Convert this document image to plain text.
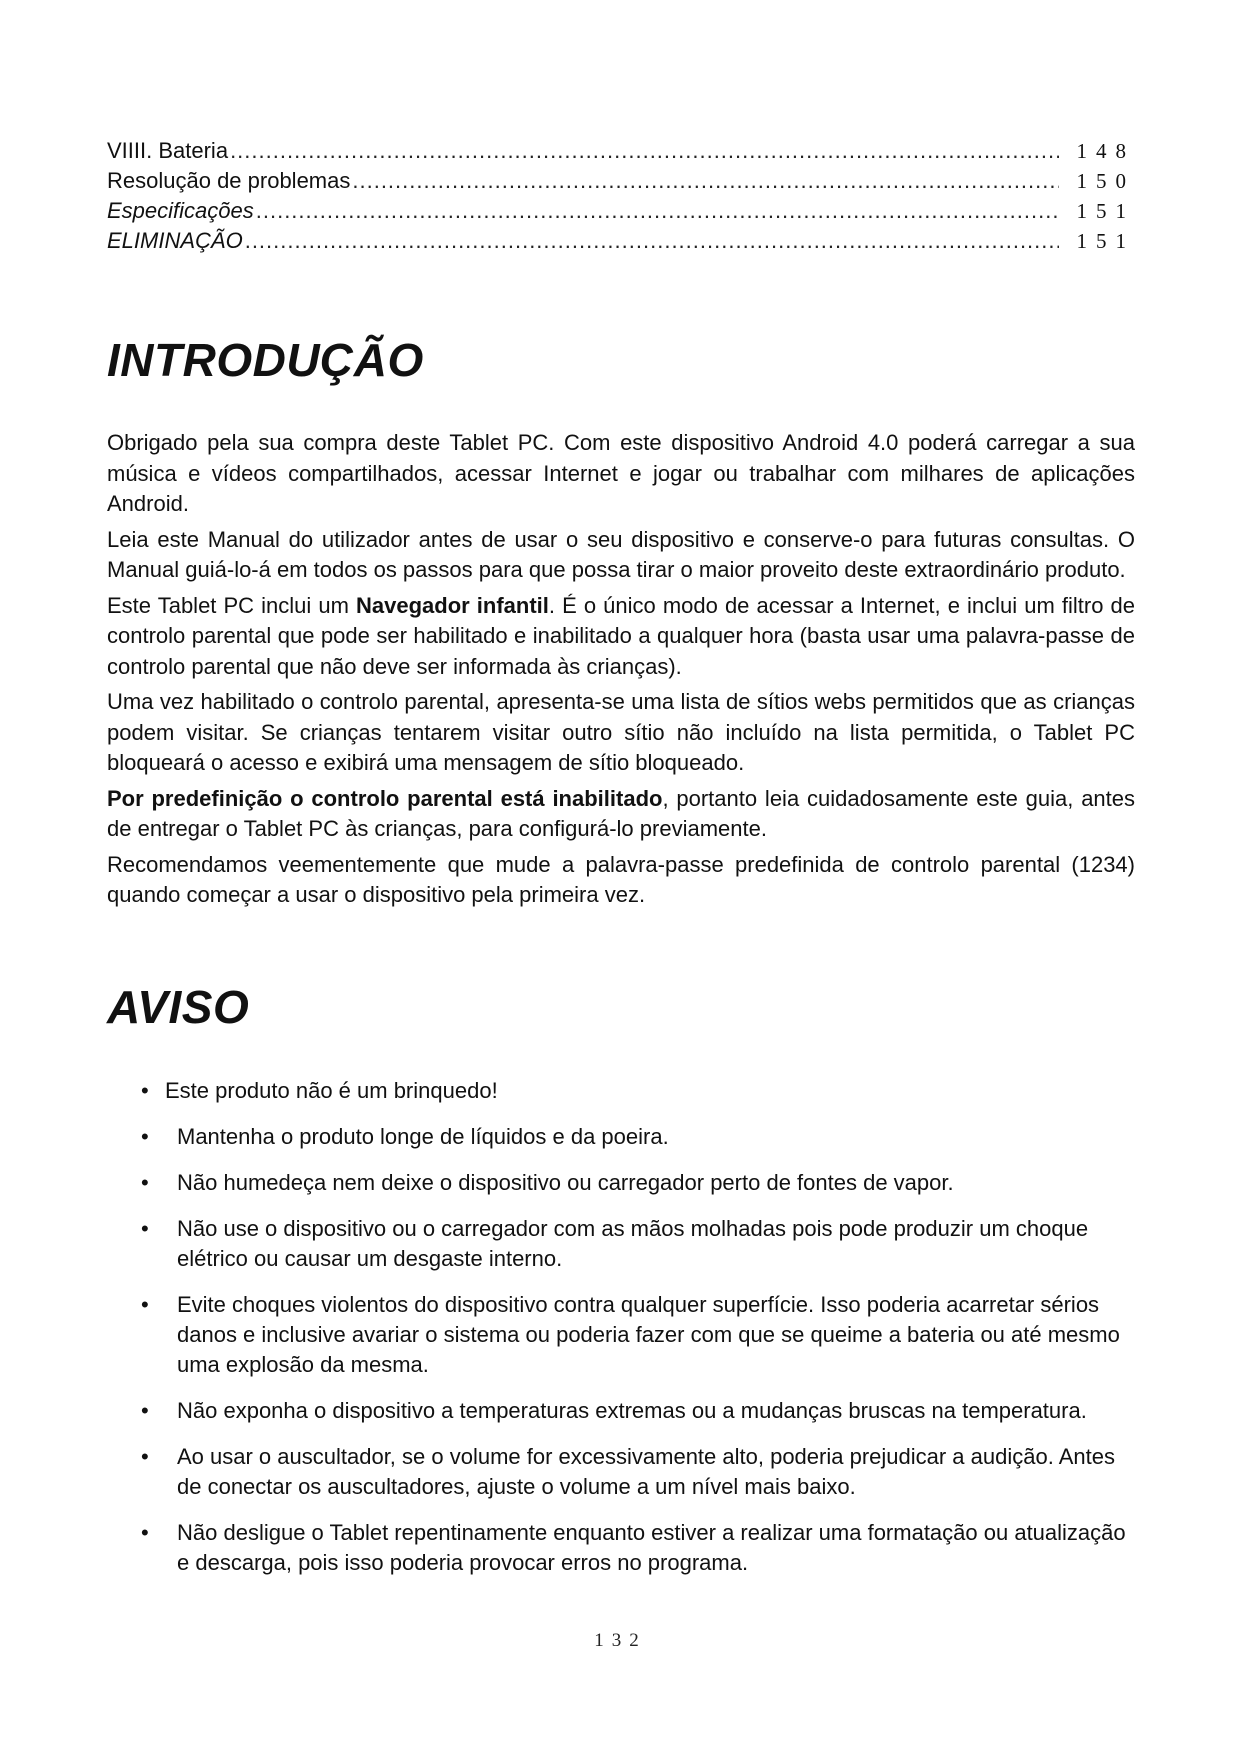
VIIII. Bateria .....	148
Resolução de problemas .....	150
Especificações .....	151
ELIMINAÇÃO .....	151
INTRODUÇÃO

Obrigado pela sua compra deste Tablet PC. Com este dispositivo Android 4.0 poderá carregar a sua música e vídeos compartilhados, acessar Internet e jogar ou trabalhar com milhares de aplicações Android.

Leia este Manual do utilizador antes de usar o seu dispositivo e conserve-o para futuras consultas. O Manual guiá-lo-á em todos os passos para que possa tirar o maior proveito deste extraordinário produto.

Este Tablet PC inclui um Navegador infantil. É o único modo de acessar a Internet, e inclui um filtro de controlo parental que pode ser habilitado e inabilitado a qualquer hora (basta usar uma palavra-passe de controlo parental que não deve ser informada às crianças).

Uma vez habilitado o controlo parental, apresenta-se uma lista de sítios webs permitidos que as crianças podem visitar. Se crianças tentarem visitar outro sítio não incluído na lista permitida, o Tablet PC bloqueará o acesso e exibirá uma mensagem de sítio bloqueado.

Por predefinição o controlo parental está inabilitado, portanto leia cuidadosamente este guia, antes de entregar o Tablet PC às crianças, para configurá-lo previamente.

Recomendamos veementemente que mude a palavra-passe predefinida de controlo parental (1234) quando começar a usar o dispositivo pela primeira vez.

AVISO
• Este produto não é um brinquedo!
• Mantenha o produto longe de líquidos e da poeira.
• Não humedeça nem deixe o dispositivo ou carregador perto de fontes de vapor.
• Não use o dispositivo ou o carregador com as mãos molhadas pois pode produzir um choque elétrico ou causar um desgaste interno.
• Evite choques violentos do dispositivo contra qualquer superfície. Isso poderia acarretar sérios danos e inclusive avariar o sistema ou poderia fazer com que se queime a bateria ou até mesmo uma explosão da mesma.
• Não exponha o dispositivo a temperaturas extremas ou a mudanças bruscas na temperatura.
• Ao usar o auscultador, se o volume for excessivamente alto, poderia prejudicar a audição. Antes de conectar os auscultadores, ajuste o volume a um nível mais baixo.
• Não desligue o Tablet repentinamente enquanto estiver a realizar uma formatação ou atualização e descarga, pois isso poderia provocar erros no programa.
132
